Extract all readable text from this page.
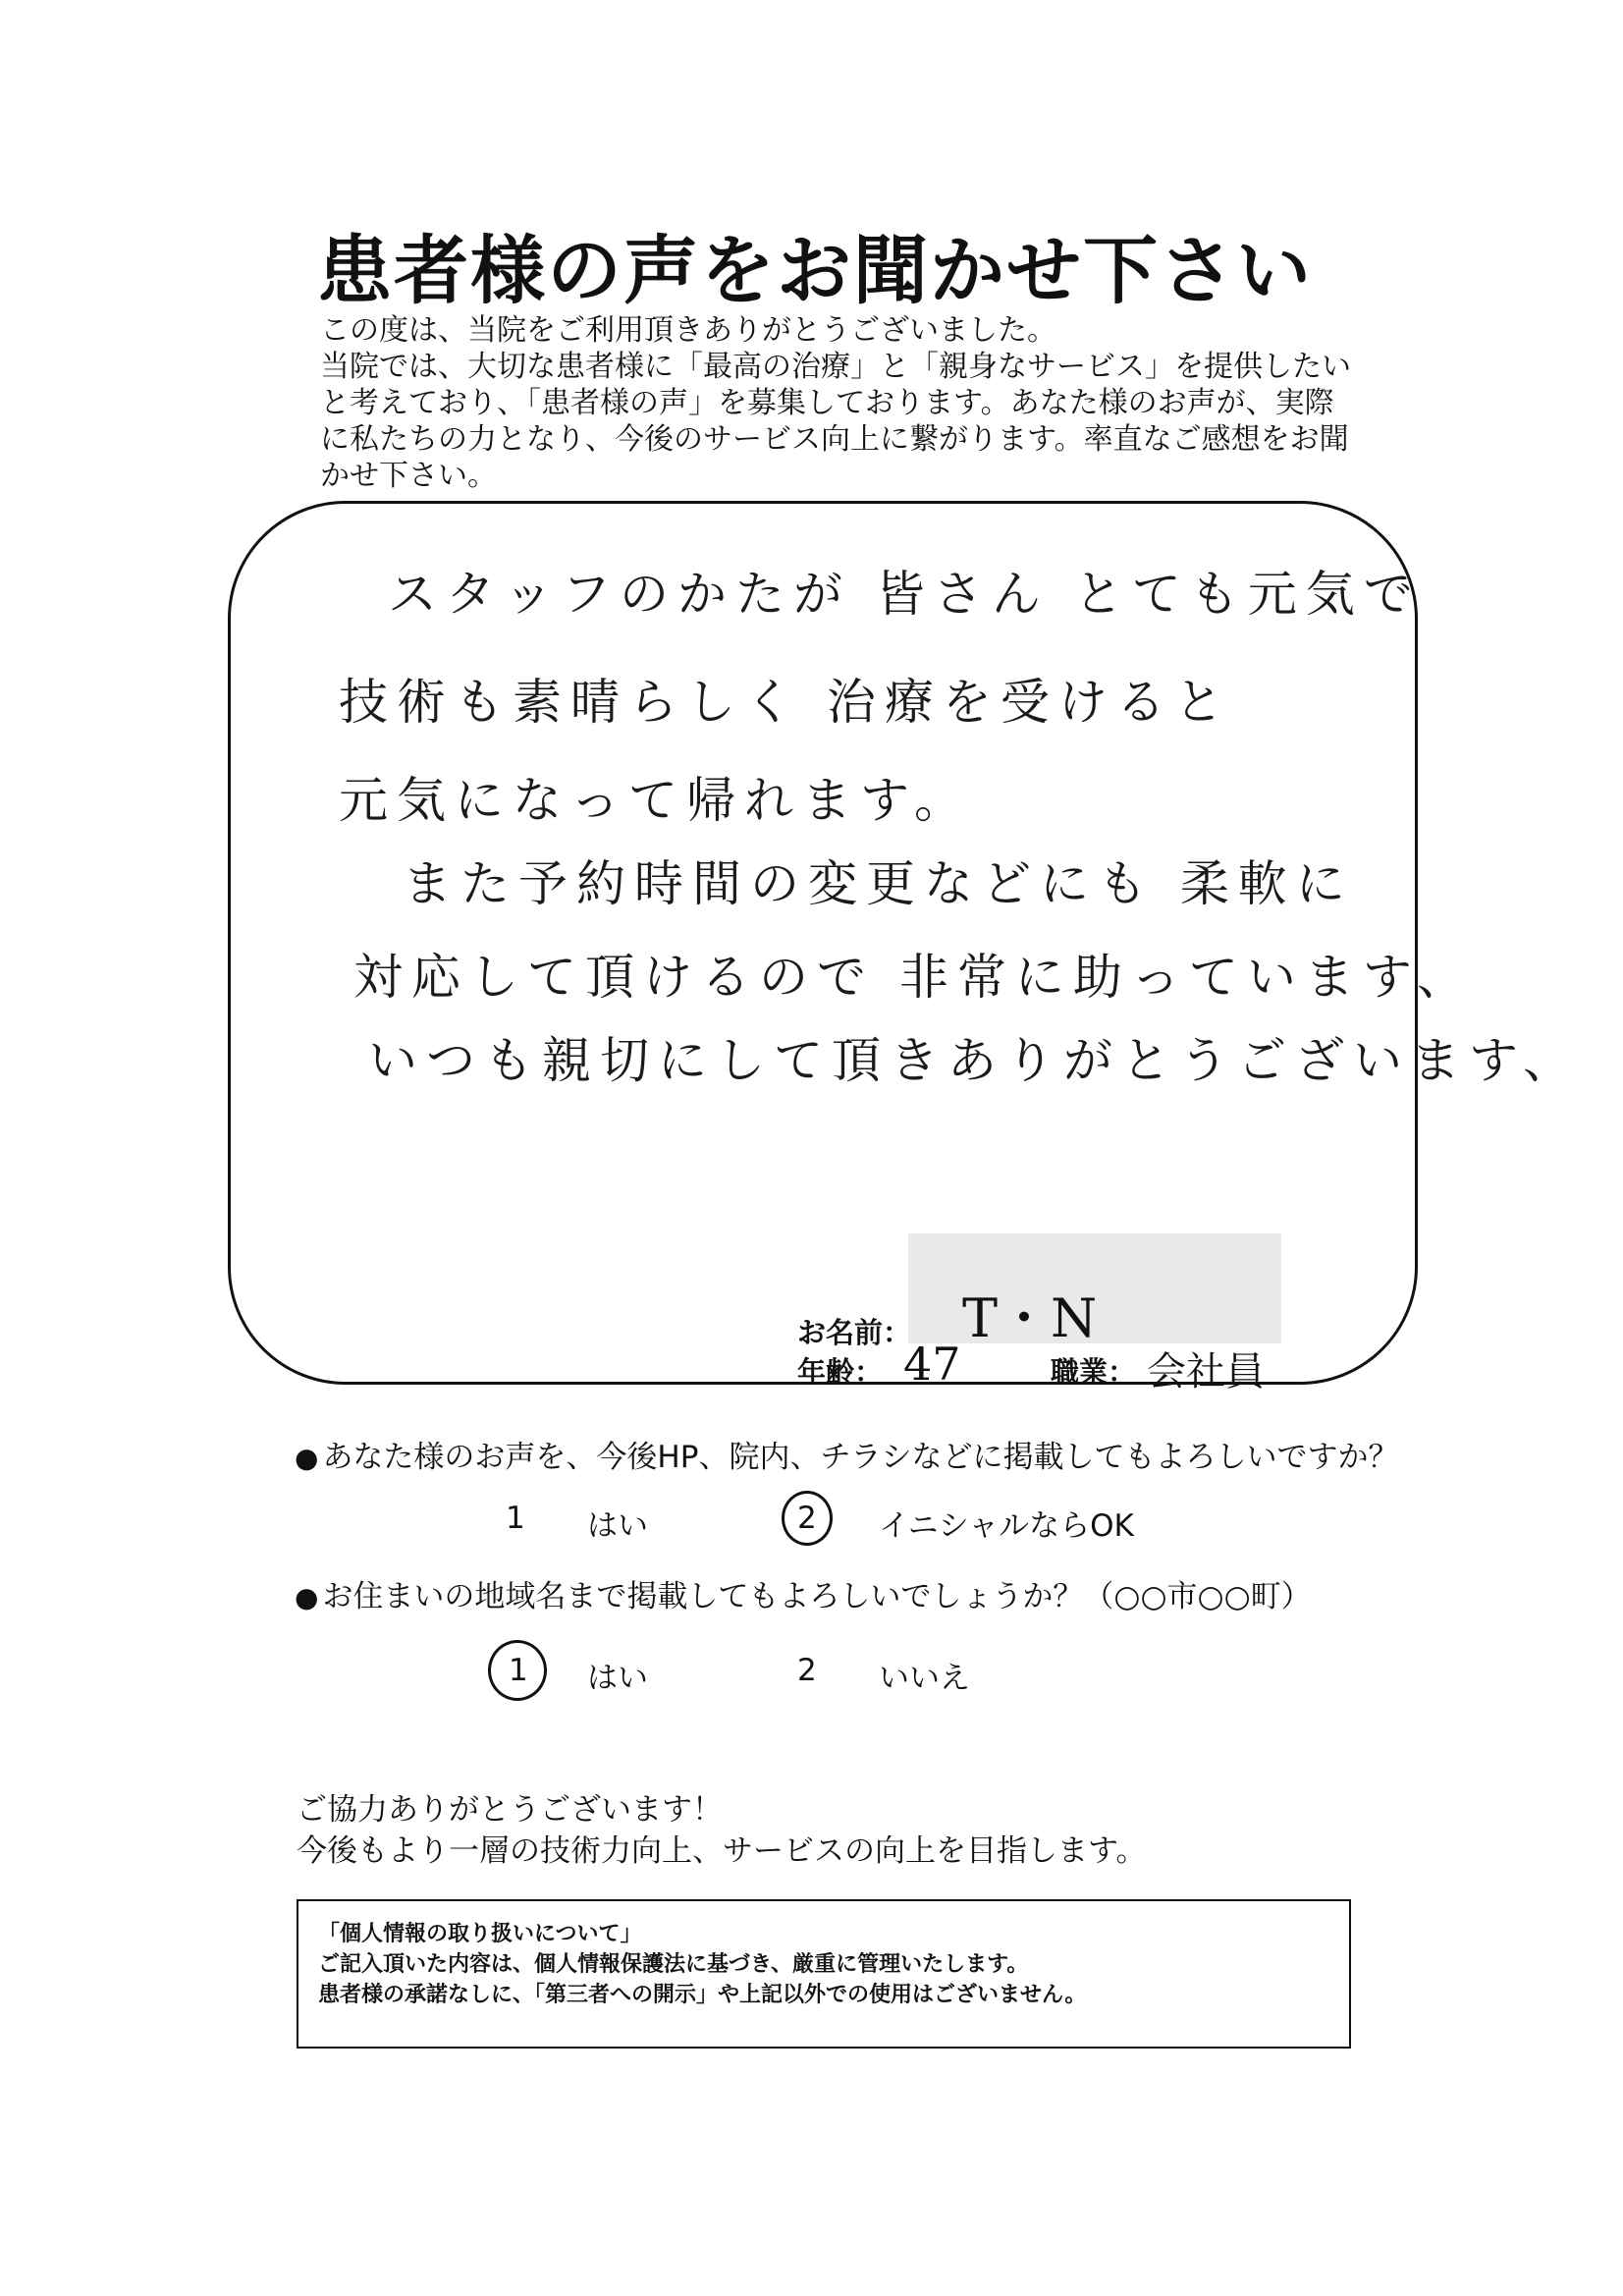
患者様の声をお聞かせ下さい

この度は、当院をご利用頂きありがとうございました。

当院では、大切な患者様に「最高の治療」と「親身なサービス」を提供したい

と考えており、「患者様の声」を募集しております。あなた様のお声が、実際

に私たちの力となり、今後のサービス向上に繋がります。率直なご感想をお聞

かせ下さい。

スタッフのかたが 皆さん とても元気で
技術も素晴らしく 治療を受けると
元気になって帰れます。
また予約時間の変更などにも 柔軟に
対応して頂けるので 非常に助っています、
いつも親切にして頂きありがとうございます、
お名前： T・N
年齢： 47	職業： 会社員
● あなた様のお声を、今後HP、院内、チラシなどに掲載してもよろしいですか？
1 はい	2 イニシャルならOK
● お住まいの地域名まで掲載してもよろしいでしょうか？（○○市○○町）
1 はい	2 いいえ

ご協力ありがとうございます！

今後もより一層の技術力向上、サービスの向上を目指します。

「個人情報の取り扱いについて」

ご記入頂いた内容は、個人情報保護法に基づき、厳重に管理いたします。

患者様の承諾なしに、「第三者への開示」や上記以外での使用はございません。
